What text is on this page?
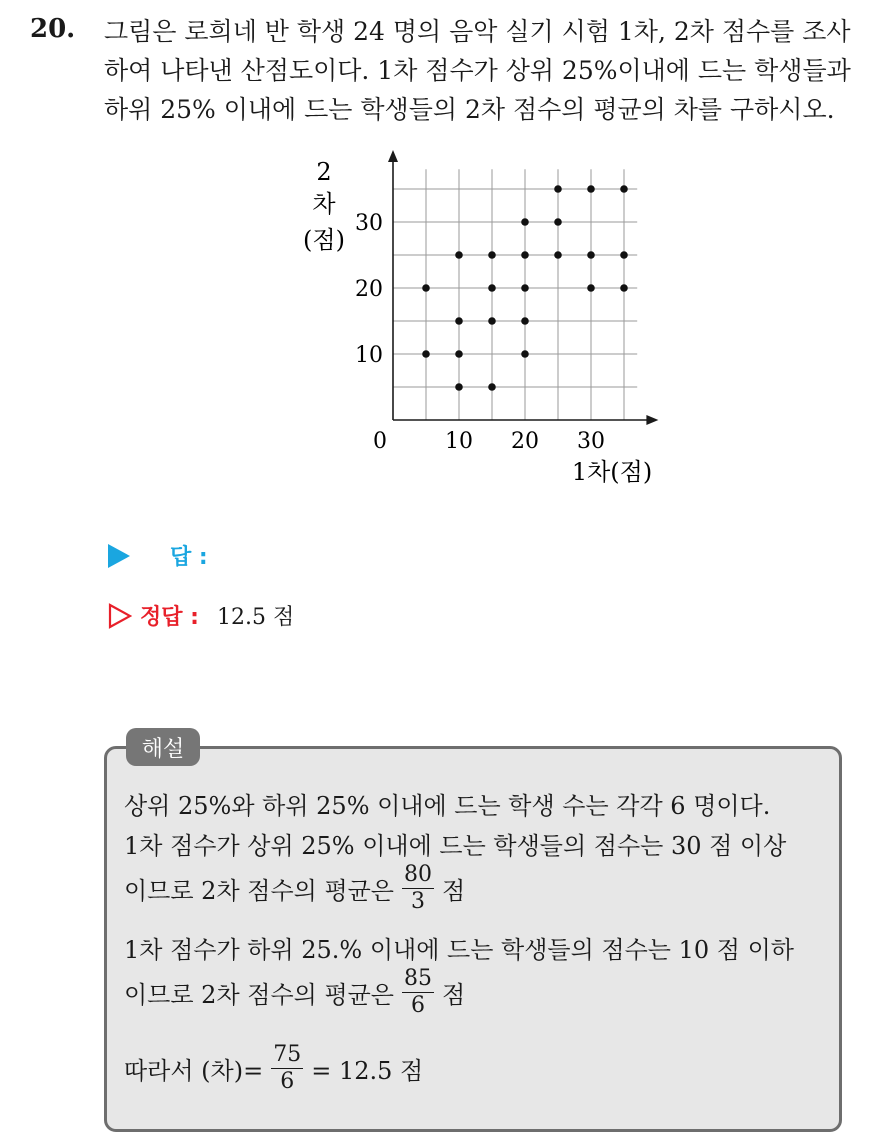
20. 그림은 로희네 반 학생 24 명의 음악 실기 시험 1차, 2차 점수를 조사
하여 나타낸 산점도이다. 1차 점수가 상위 25%이내에 드는 학생들과
하위 25% 이내에 드는 학생들의 2차 점수의 평균의 차를 구하시오.
10 20 30
10
20
30
0
1차(점)
2
차
(점)
답 :
정답 : 12.5 점
해설
상위 25%와 하위 25% 이내에 드는 학생 수는 각각 6 명이다.
1차 점수가 상위 25% 이내에 드는 학생들의 점수는 30 점 이상
이므로 2차 점수의 평균은 $\frac{80}{3}$ 점
1차 점수가 하위 25.% 이내에 드는 학생들의 점수는 10 점 이하
이므로 2차 점수의 평균은 $\frac{85}{6}$ 점
따라서 (차)= $\frac{75}{6} = 12.5$ 점
